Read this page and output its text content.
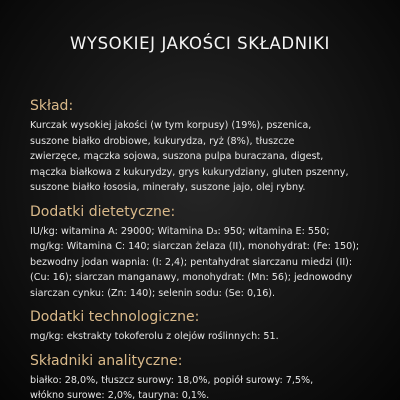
WYSOKIEJ JAKOŚCI SKŁADNIKI
Skład:
Kurczak wysokiej jakości (w tym korpusy) (19%), pszenica,
suszone białko drobiowe, kukurydza, ryż (8%), tłuszcze
zwierzęce, mączka sojowa, suszona pulpa buraczana, digest,
mączka białkowa z kukurydzy, grys kukurydziany, gluten pszenny,
suszone białko łososia, minerały, suszone jajo, olej rybny.
Dodatki dietetyczne:
IU/kg: witamina A: 29000; Witamina D₃: 950; witamina E: 550;
mg/kg: Witamina C: 140; siarczan żelaza (II), monohydrat: (Fe: 150);
bezwodny jodan wapnia: (I: 2,4); pentahydrat siarczanu miedzi (II):
(Cu: 16); siarczan manganawy, monohydrat: (Mn: 56); jednowodny
siarczan cynku: (Zn: 140); selenin sodu: (Se: 0,16).
Dodatki technologiczne:
mg/kg: ekstrakty tokoferolu z olejów roślinnych: 51.
Składniki analityczne:
białko: 28,0%, tłuszcz surowy: 18,0%, popiół surowy: 7,5%,
włókno surowe: 2,0%, tauryna: 0,1%.
